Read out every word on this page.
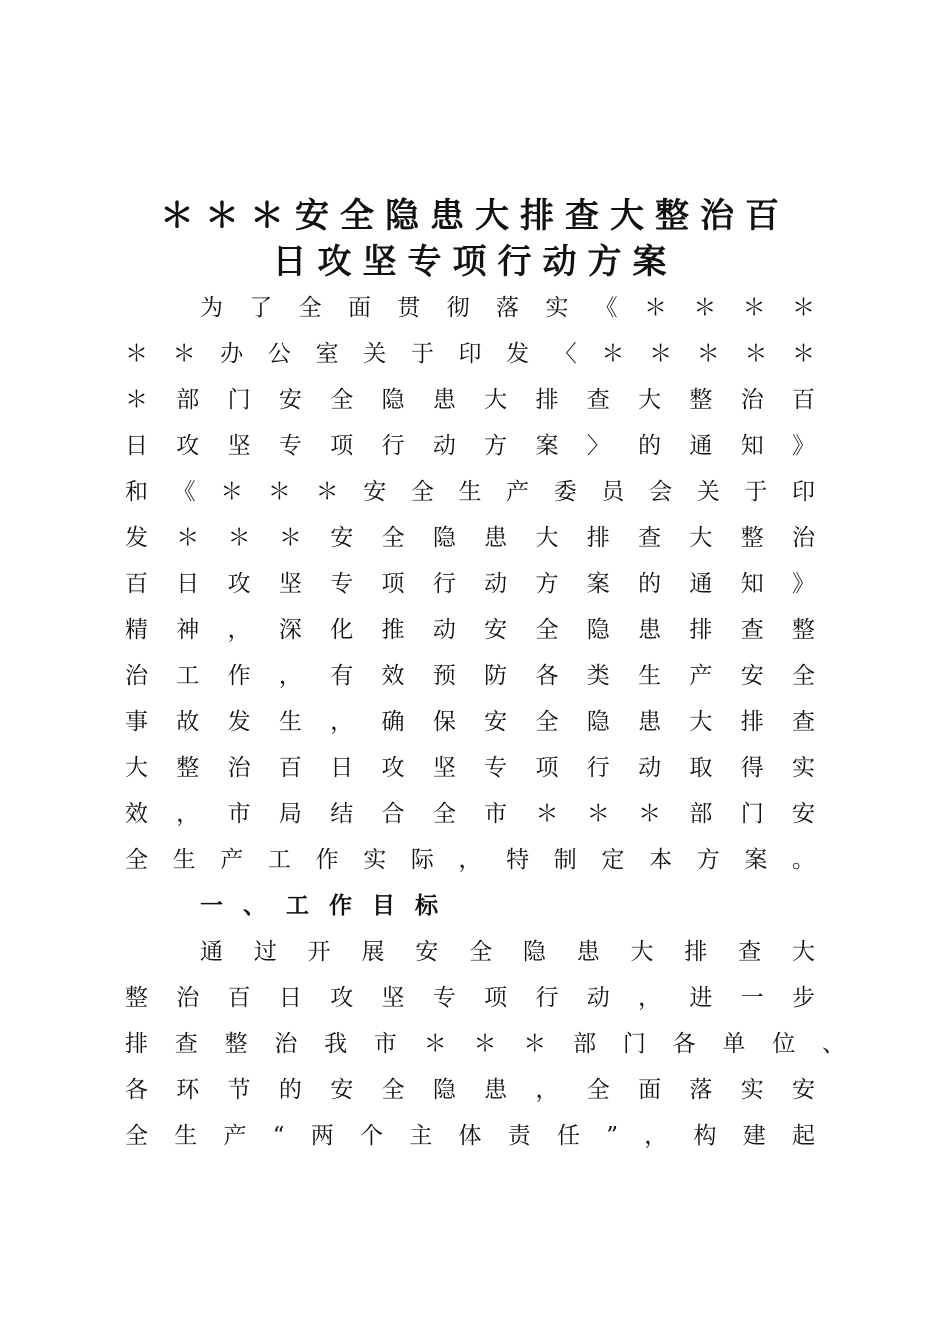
＊＊＊安全隐患大排查大整治百
日攻坚专项行动方案
为了全面贯彻落实《＊＊＊＊
＊＊办公室关于印发〈＊＊＊＊＊
＊部门安全隐患大排查大整治百
日攻坚专项行动方案〉的通知》
和《＊＊＊安全生产委员会关于印
发＊＊＊安全隐患大排查大整治
百日攻坚专项行动方案的通知》
精神，深化推动安全隐患排查整
治工作，有效预防各类生产安全
事故发生，确保安全隐患大排查
大整治百日攻坚专项行动取得实
效，市局结合全市＊＊＊部门安
全生产工作实际，特制定本方案。
一、工作目标
通过开展安全隐患大排查大
整治百日攻坚专项行动，进一步
排查整治我市＊＊＊部门各单位、
各环节的安全隐患，全面落实安
全生产“两个主体责任”，构建起
